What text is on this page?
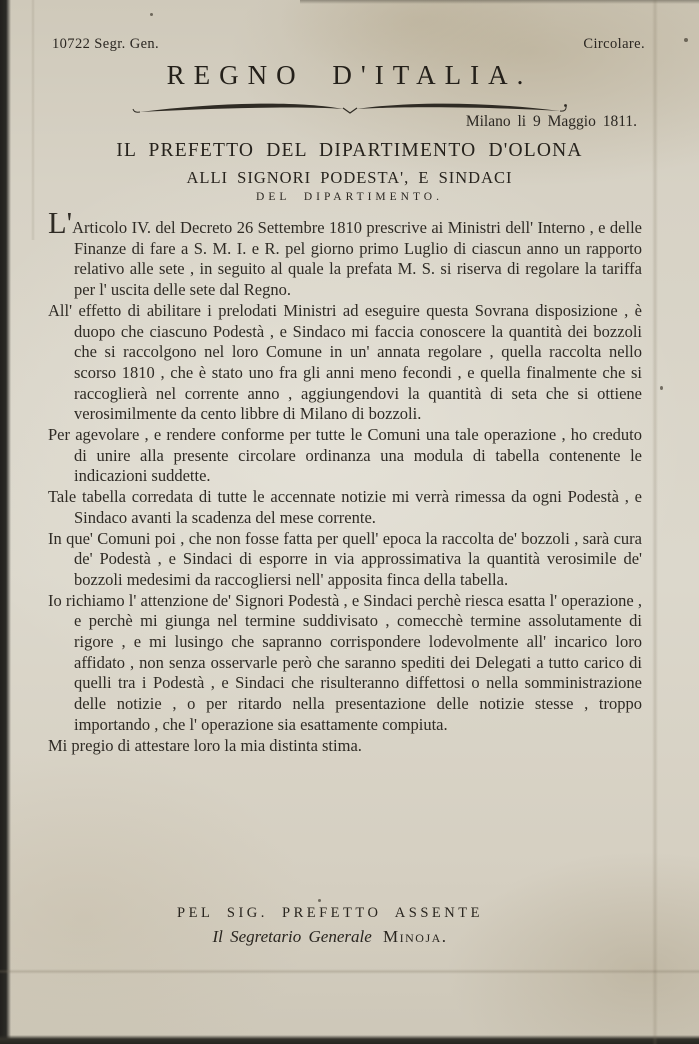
10722 Segr. Gen.	Circolare.
REGNO D'ITALIA.
Milano li 9 Maggio 1811.
IL PREFETTO DEL DIPARTIMENTO D'OLONA
ALLI SIGNORI PODESTA', E SINDACI
DEL DIPARTIMENTO.

L'Articolo IV. del Decreto 26 Settembre 1810 prescrive ai Ministri dell' Interno , e delle Finanze di fare a S. M. I. e R. pel giorno primo Luglio di ciascun anno un rapporto relativo alle sete , in seguito al quale la prefata M. S. si riserva di regolare la tariffa per l' uscita delle sete dal Regno.

All' effetto di abilitare i prelodati Ministri ad eseguire questa Sovrana disposizione , è duopo che ciascuno Podestà , e Sindaco mi faccia conoscere la quantità dei bozzoli che si raccolgono nel loro Comune in un' annata regolare , quella raccolta nello scorso 1810 , che è stato uno fra gli anni meno fecondi , e quella finalmente che si raccoglierà nel corrente anno , aggiungendovi la quantità di seta che si ottiene verosimilmente da cento libbre di Milano di bozzoli.

Per agevolare , e rendere conforme per tutte le Comuni una tale operazione , ho creduto di unire alla presente circolare ordinanza una modula di tabella contenente le indicazioni suddette.

Tale tabella corredata di tutte le accennate notizie mi verrà rimessa da ogni Podestà , e Sindaco avanti la scadenza del mese corrente.

In que' Comuni poi , che non fosse fatta per quell' epoca la raccolta de' bozzoli , sarà cura de' Podestà , e Sindaci di esporre in via approssimativa la quantità verosimile de' bozzoli medesimi da raccogliersi nell' apposita finca della tabella.

Io richiamo l' attenzione de' Signori Podestà , e Sindaci perchè riesca esatta l' operazione , e perchè mi giunga nel termine suddivisato , comecchè termine assolutamente di rigore , e mi lusingo che sapranno corrispondere lodevolmente all' incarico loro affidato , non senza osservarle però che saranno spediti dei Delegati a tutto carico di quelli tra i Podestà , e Sindaci che risulteranno diffettosi o nella somministrazione delle notizie , o per ritardo nella presentazione delle notizie stesse , troppo importando , che l' operazione sia esattamente compiuta.

Mi pregio di attestare loro la mia distinta stima.

PEL SIG. PREFETTO ASSENTE
Il Segretario Generale Minoja.
